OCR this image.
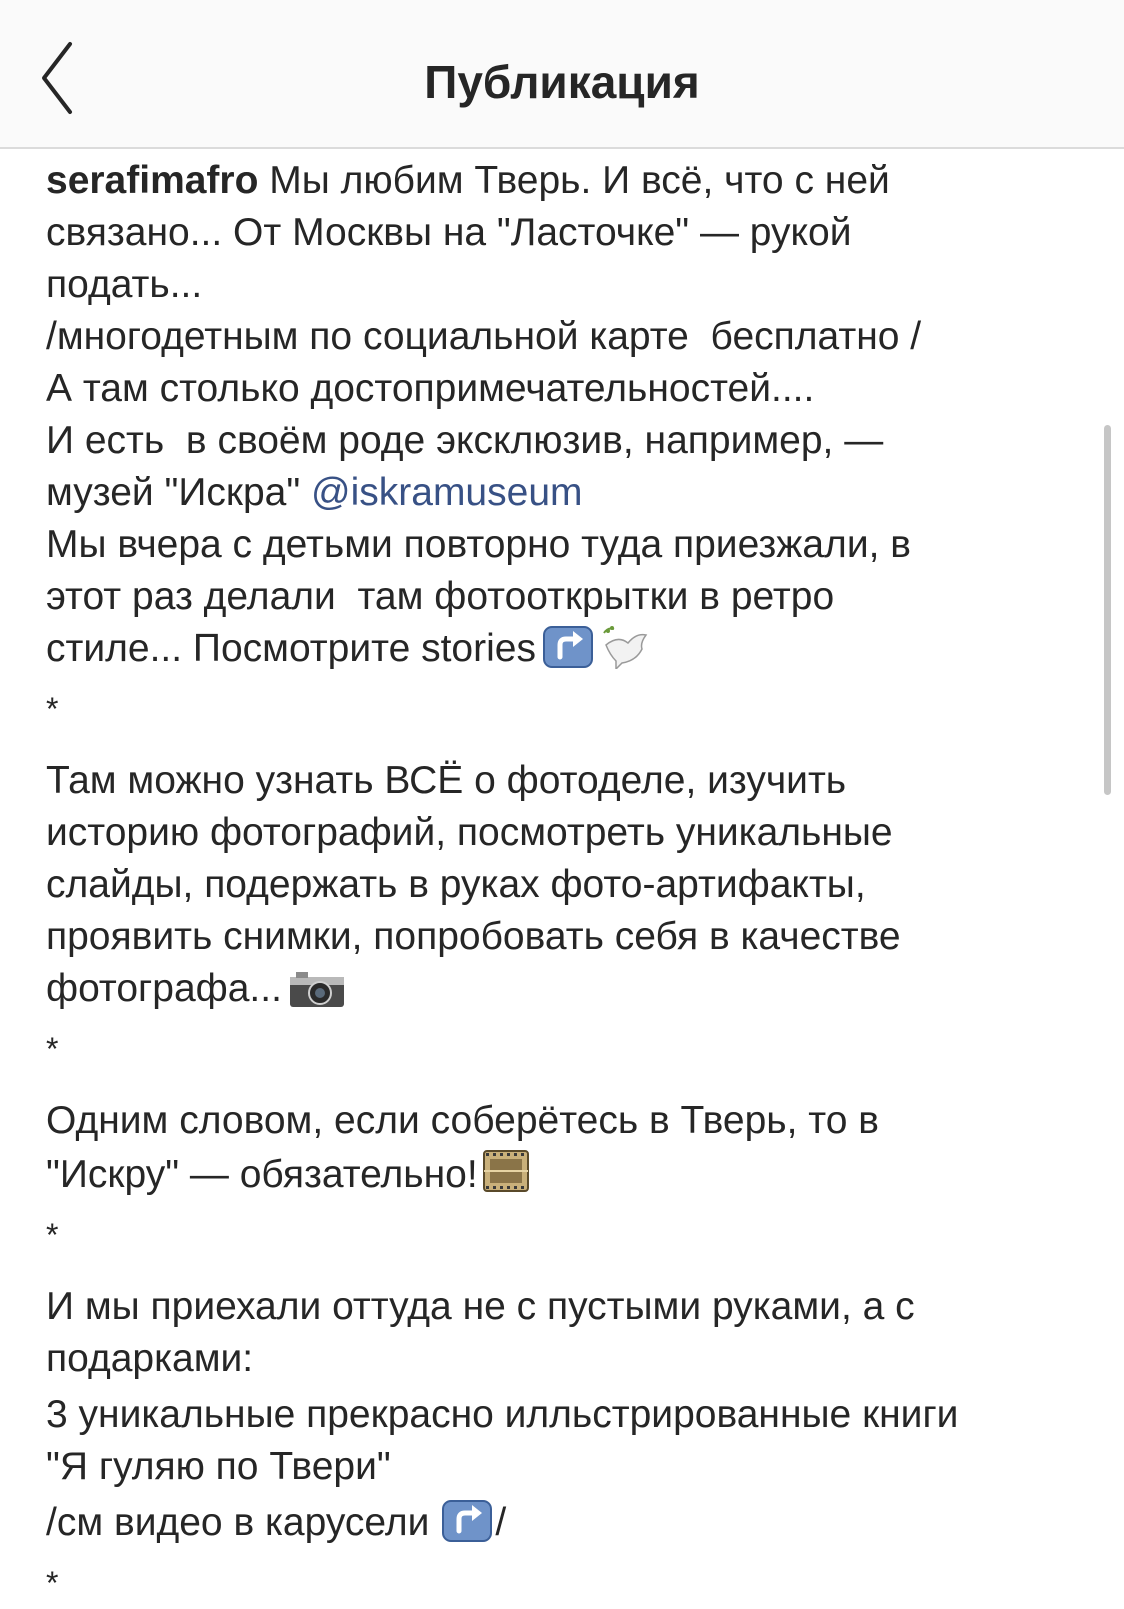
Публикация
serafimafro Мы любим Тверь. И всё, что с ней
связано... От Москвы на "Ласточке" — рукой
подать...
/многодетным по социальной карте  бесплатно /
А там столько достопримечательностей....
И есть  в своём роде эксклюзив, например, —
музей "Искра" @iskramuseum
Мы вчера с детьми повторно туда приезжали, в
этот раз делали  там фотооткрытки в ретро
стиле... Посмотрите stories
*
Там можно узнать ВСЁ о фотоделе, изучить
историю фотографий, посмотреть уникальные
слайды, подержать в руках фото-артифакты,
проявить снимки, попробовать себя в качестве
фотографа...
*
Одним словом, если соберётесь в Тверь, то в
"Искру" — обязательно!
*
И мы приехали оттуда не с пустыми руками, а с
подарками:
3 уникальные прекрасно илльстрированные книги
"Я гуляю по Твери"
/см видео в карусели /
*
